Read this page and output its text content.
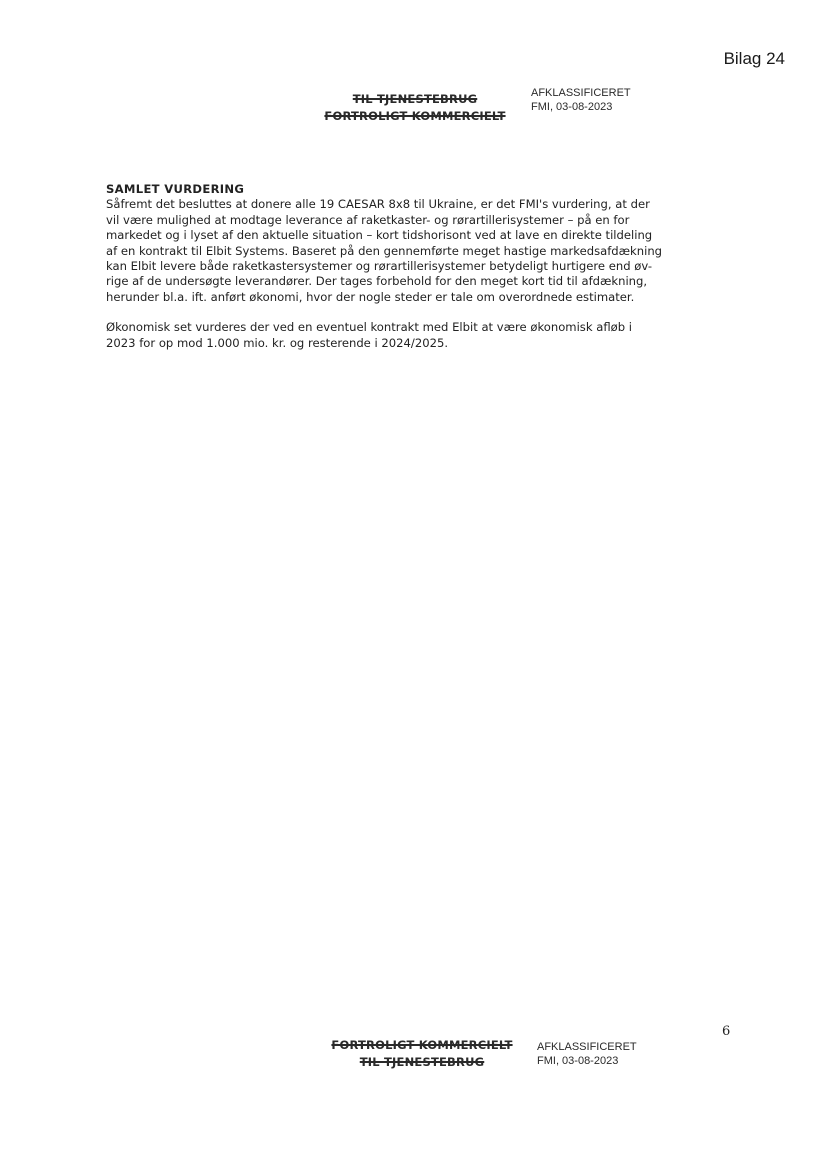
Bilag 24
TIL TJENESTEBRUG
FORTROLIGT KOMMERCIELT
AFKLASSIFICERET
FMI, 03-08-2023
SAMLET VURDERING

Såfremt det besluttes at donere alle 19 CAESAR 8x8 til Ukraine, er det FMI's vurdering, at der
vil være mulighed at modtage leverance af raketkaster- og rørartillerisystemer – på en for
markedet og i lyset af den aktuelle situation – kort tidshorisont ved at lave en direkte tildeling
af en kontrakt til Elbit Systems. Baseret på den gennemførte meget hastige markedsafdækning
kan Elbit levere både raketkastersystemer og rørartillerisystemer betydeligt hurtigere end øv-
rige af de undersøgte leverandører. Der tages forbehold for den meget kort tid til afdækning,
herunder bl.a. ift. anført økonomi, hvor der nogle steder er tale om overordnede estimater.

Økonomisk set vurderes der ved en eventuel kontrakt med Elbit at være økonomisk afløb i
2023 for op mod 1.000 mio. kr. og resterende i 2024/2025.

6
FORTROLIGT KOMMERCIELT
TIL TJENESTEBRUG
AFKLASSIFICERET
FMI, 03-08-2023
